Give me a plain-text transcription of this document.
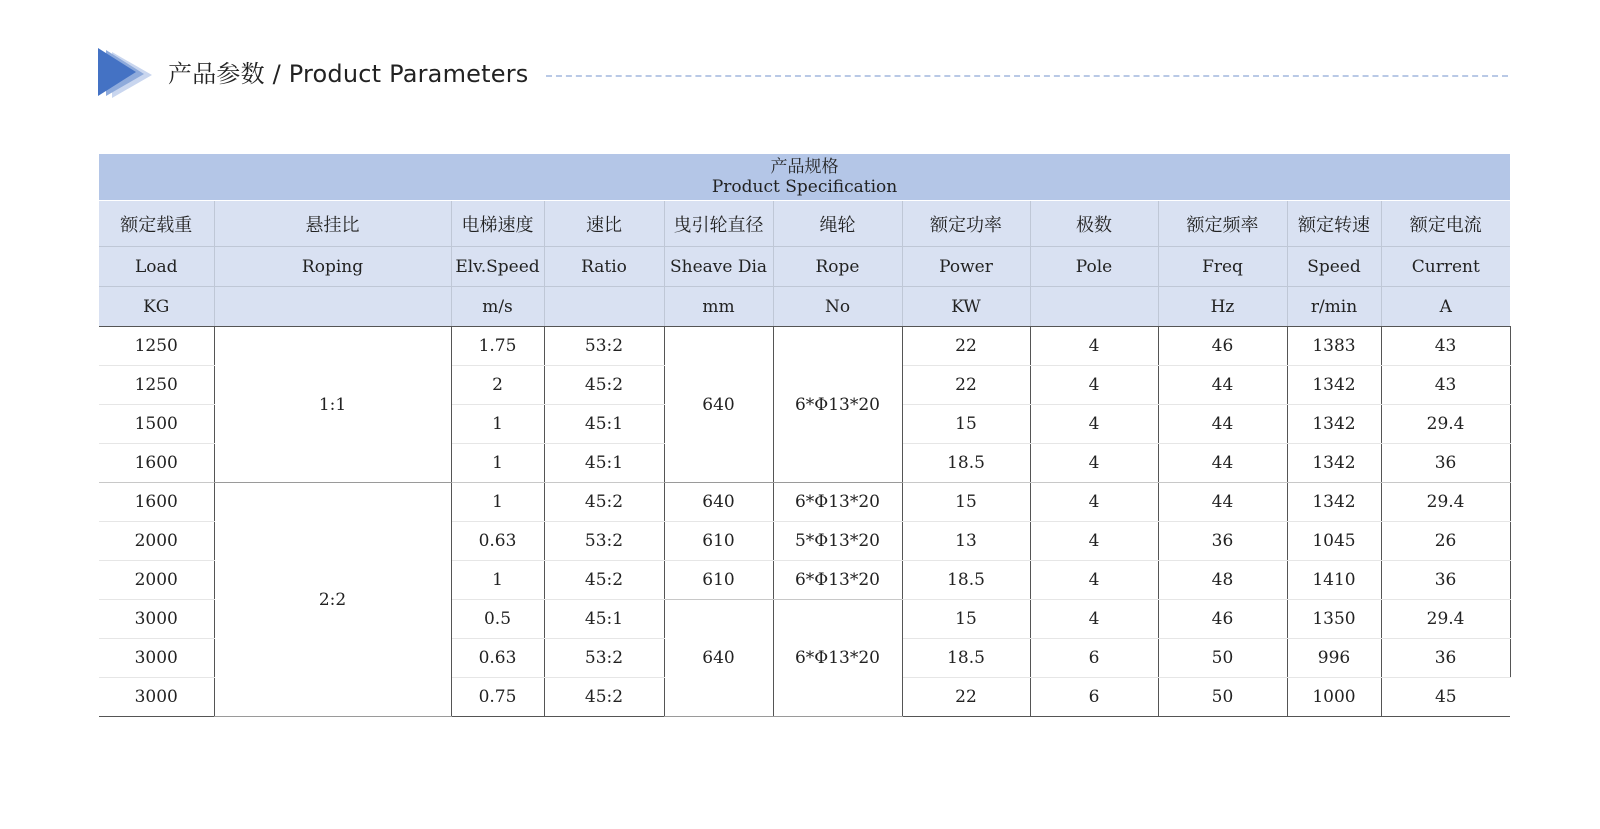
产品参数 / Product Parameters
产品规格
Product Specification										

额定载重	悬挂比	电梯速度	速比	曳引轮直径	绳轮	额定功率	极数	额定频率	额定转速	额定电流
Load	Roping	Elv.Speed	Ratio	Sheave Dia	Rope	Power	Pole	Freq	Speed	Current
KG		m/s		mm	No	KW		Hz	r/min	A
1250	1:1	1.75	53:2	640	6*Φ13*20	22	4	46	1383	43
1250		2	45:2			22	4	44	1342	43
1500		1	45:1			15	4	44	1342	29.4
1600		1	45:1			18.5	4	44	1342	36
1600	2:2	1	45:2	640	6*Φ13*20	15	4	44	1342	29.4
2000		0.63	53:2	610	5*Φ13*20	13	4	36	1045	26
2000		1	45:2	610	6*Φ13*20	18.5	4	48	1410	36
3000		0.5	45:1	640	6*Φ13*20	15	4	46	1350	29.4
3000		0.63	53:2			18.5	6	50	996	36
3000		0.75	45:2			22	6	50	1000	45
